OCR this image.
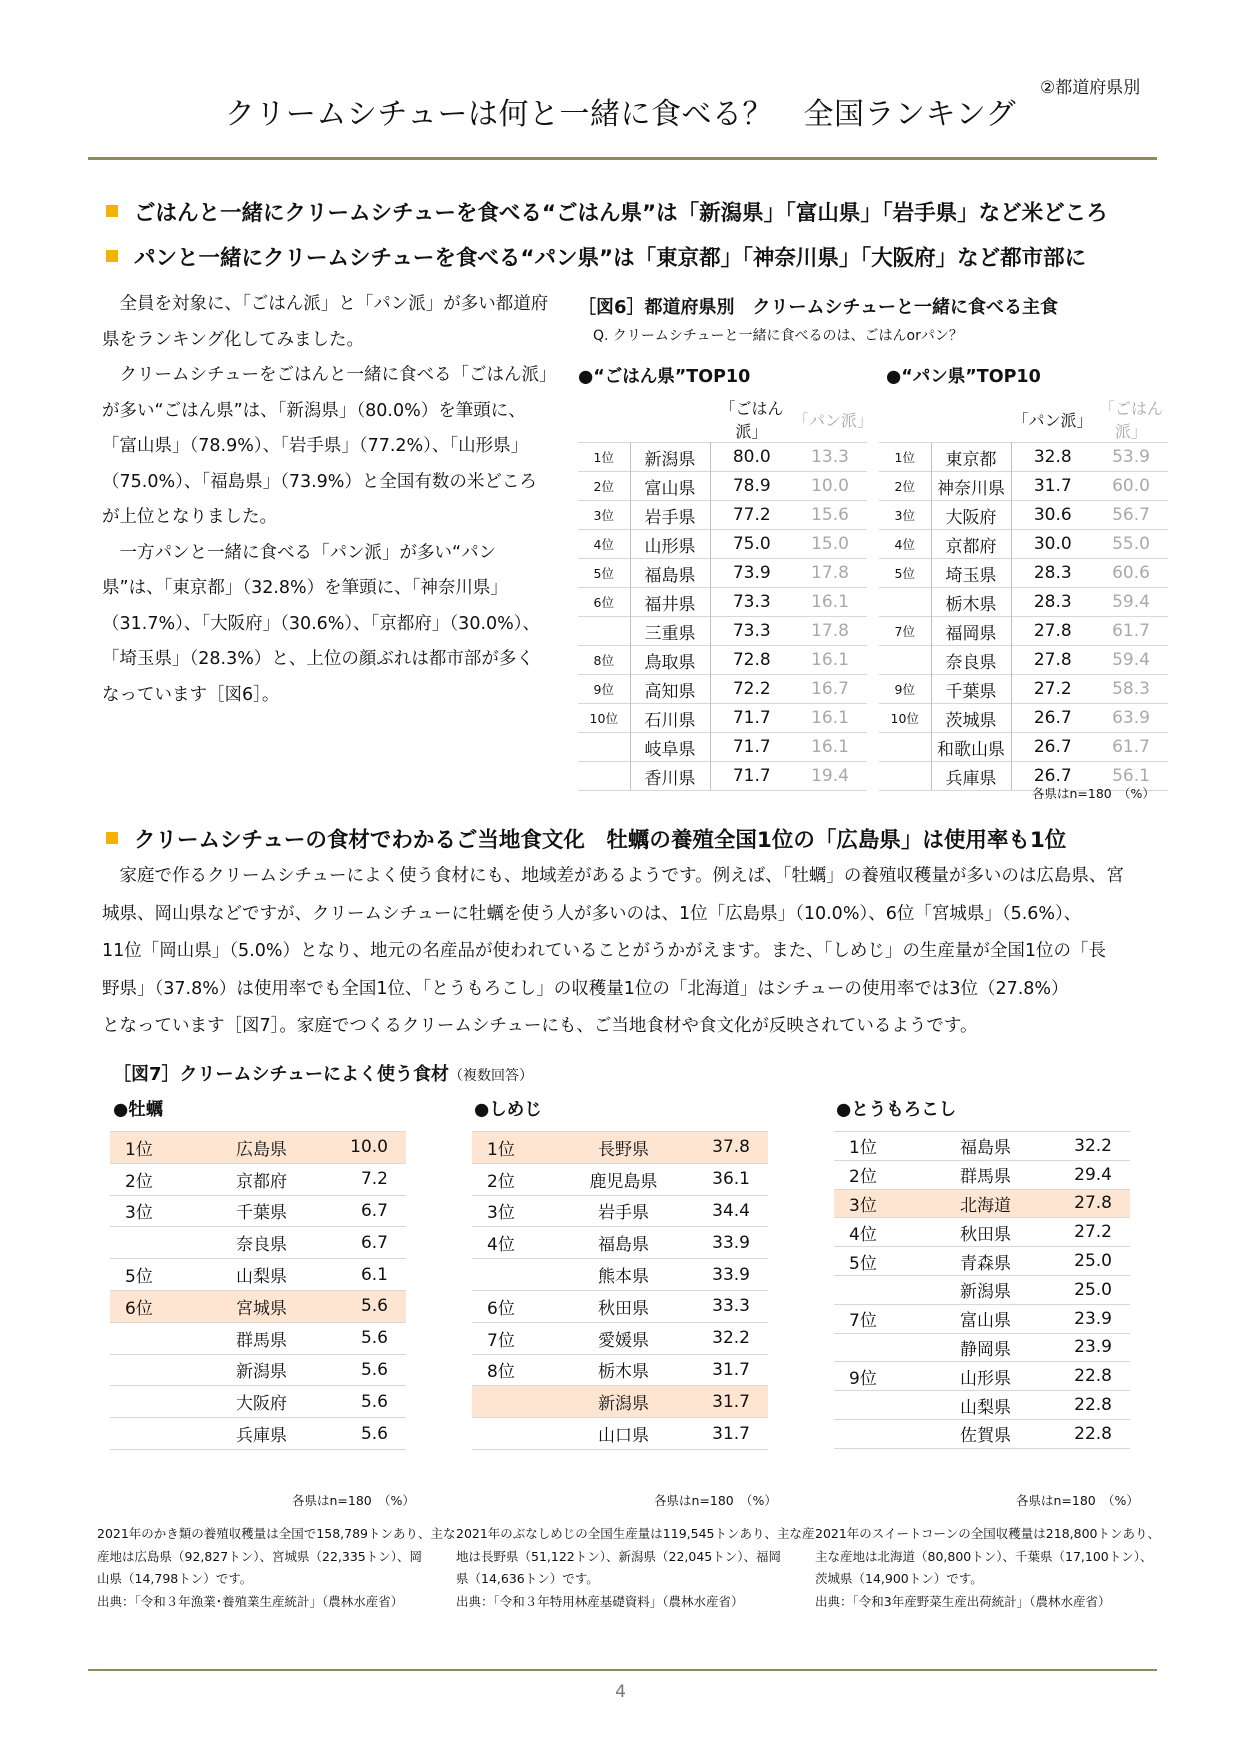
②都道府県別
クリームシチューは何と一緒に食べる？　全国ランキング
ごはんと一緒にクリームシチューを食べる“ごはん県”は「新潟県」「富山県」「岩手県」など米どころ
パンと一緒にクリームシチューを食べる“パン県”は「東京都」「神奈川県」「大阪府」など都市部に

全員を対象に、「ごはん派」と「パン派」が多い都道府県をランキング化してみました。

クリームシチューをごはんと一緒に食べる「ごはん派」が多い“ごはん県”は、「新潟県」（80.0%）を筆頭に、「富山県」（78.9%）、「岩手県」（77.2%）、「山形県」（75.0%）、「福島県」（73.9%）と全国有数の米どころが上位となりました。

一方パンと一緒に食べる「パン派」が多い“パン県”は、「東京都」（32.8%）を筆頭に、「神奈川県」（31.7%）、「大阪府」（30.6%）、「京都府」（30.0%）、「埼玉県」（28.3%）と、上位の顔ぶれは都市部が多くなっています［図6］。

［図6］都道府県別　クリームシチューと一緒に食べる主食
Q. クリームシチューと一緒に食べるのは、ごはんorパン？
●“ごはん県”TOP10	●“パン県”TOP10
		「ごはん派」	「パン派」
1位	新潟県	80.0	13.3
2位	富山県	78.9	10.0
3位	岩手県	77.2	15.6
4位	山形県	75.0	15.0
5位	福島県	73.9	17.8
6位	福井県	73.3	16.1
	三重県	73.3	17.8
8位	鳥取県	72.8	16.1
9位	高知県	72.2	16.7
10位	石川県	71.7	16.1
	岐阜県	71.7	16.1
	香川県	71.7	19.4
		「パン派」	「ごはん派」
1位	東京都	32.8	53.9
2位	神奈川県	31.7	60.0
3位	大阪府	30.6	56.7
4位	京都府	30.0	55.0
5位	埼玉県	28.3	60.6
	栃木県	28.3	59.4
7位	福岡県	27.8	61.7
	奈良県	27.8	59.4
9位	千葉県	27.2	58.3
10位	茨城県	26.7	63.9
	和歌山県	26.7	61.7
	兵庫県	26.7	56.1
各県はn=180　（%）
クリームシチューの食材でわかるご当地食文化　牡蠣の養殖全国1位の「広島県」は使用率も1位
家庭で作るクリームシチューによく使う食材にも、地域差があるようです。例えば、「牡蠣」の養殖収穫量が多いのは広島県、宮
城県、岡山県などですが、クリームシチューに牡蠣を使う人が多いのは、1位「広島県」（10.0%）、6位「宮城県」（5.6%）、
11位「岡山県」（5.0%）となり、地元の名産品が使われていることがうかがえます。また、「しめじ」の生産量が全国1位の「長
野県」（37.8%）は使用率でも全国1位、「とうもろこし」の収穫量1位の「北海道」はシチューの使用率では3位（27.8%）
となっています［図7］。家庭でつくるクリームシチューにも、ご当地食材や食文化が反映されているようです。
［図7］クリームシチューによく使う食材（複数回答）
●牡蠣	●しめじ	●とうもろこし
1位	広島県	10.0
2位	京都府	7.2
3位	千葉県	6.7
	奈良県	6.7
5位	山梨県	6.1
6位	宮城県	5.6
	群馬県	5.6
	新潟県	5.6
	大阪府	5.6
	兵庫県	5.6
1位	長野県	37.8
2位	鹿児島県	36.1
3位	岩手県	34.4
4位	福島県	33.9
	熊本県	33.9
6位	秋田県	33.3
7位	愛媛県	32.2
8位	栃木県	31.7
	新潟県	31.7
	山口県	31.7
1位	福島県	32.2
2位	群馬県	29.4
3位	北海道	27.8
4位	秋田県	27.2
5位	青森県	25.0
	新潟県	25.0
7位	富山県	23.9
	静岡県	23.9
9位	山形県	22.8
	山梨県	22.8
	佐賀県	22.8
各県はn=180　（%）	各県はn=180　（%）	各県はn=180　（%）
2021年のかき類の養殖収穫量は全国で158,789トンあり、主な
産地は広島県（92,827トン）、宮城県（22,335トン）、岡
山県（14,798トン）です。
出典：「令和３年漁業･養殖業生産統計」（農林水産省）
2021年のぶなしめじの全国生産量は119,545トンあり、主な産
地は長野県（51,122トン）、新潟県（22,045トン）、福岡
県（14,636トン）です。
出典：「令和３年特用林産基礎資料」（農林水産省）
2021年のスイートコーンの全国収穫量は218,800トンあり、
主な産地は北海道（80,800トン）、千葉県（17,100トン）、
茨城県（14,900トン）です。
出典：「令和3年産野菜生産出荷統計」（農林水産省）
4
